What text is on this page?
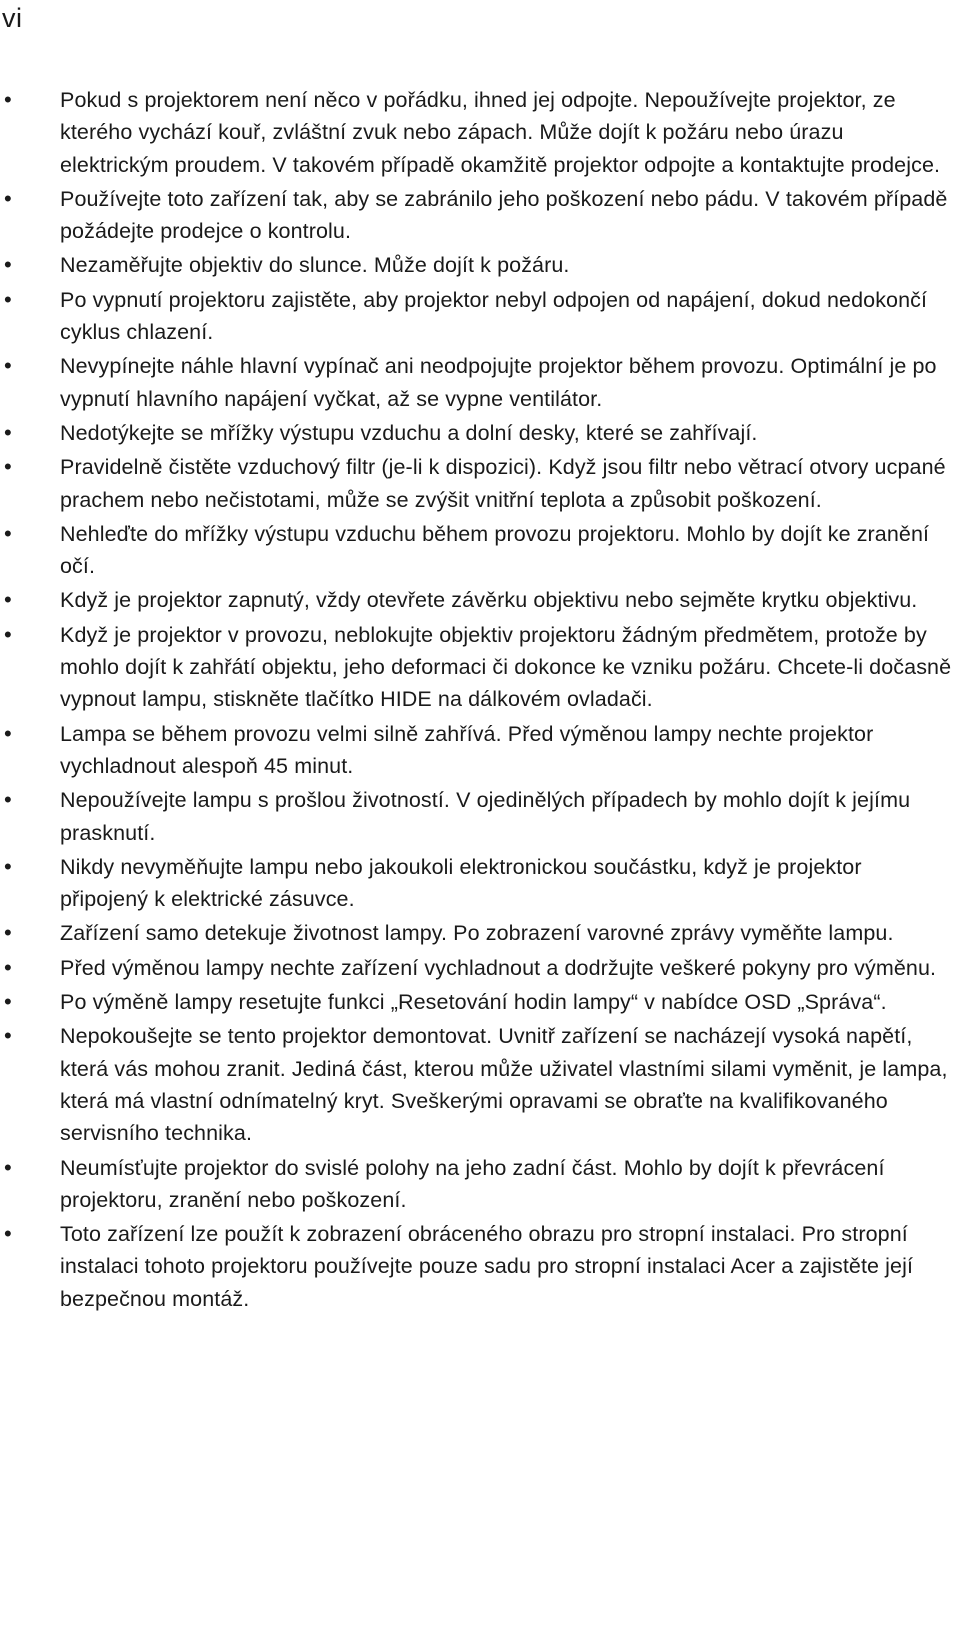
vi
• Pokud s projektorem není něco v pořádku, ihned jej odpojte. Nepoužívejte projektor, ze kterého vychází kouř, zvláštní zvuk nebo zápach. Může dojít k požáru nebo úrazu elektrickým proudem. V takovém případě okamžitě projektor odpojte a kontaktujte prodejce.
• Používejte toto zařízení tak, aby se zabránilo jeho poškození nebo pádu. V takovém případě požádejte prodejce o kontrolu.
• Nezaměřujte objektiv do slunce. Může dojít k požáru.
• Po vypnutí projektoru zajistěte, aby projektor nebyl odpojen od napájení, dokud nedokončí cyklus chlazení.
• Nevypínejte náhle hlavní vypínač ani neodpojujte projektor během provozu. Optimální je po vypnutí hlavního napájení vyčkat, až se vypne ventilátor.
• Nedotýkejte se mřížky výstupu vzduchu a dolní desky, které se zahřívají.
• Pravidelně čistěte vzduchový filtr (je-li k dispozici). Když jsou filtr nebo větrací otvory ucpané prachem nebo nečistotami, může se zvýšit vnitřní teplota a způsobit poškození.
• Nehleďte do mřížky výstupu vzduchu během provozu projektoru. Mohlo by dojít ke zranění očí.
• Když je projektor zapnutý, vždy otevřete závěrku objektivu nebo sejměte krytku objektivu.
• Když je projektor v provozu, neblokujte objektiv projektoru žádným předmětem, protože by mohlo dojít k zahřátí objektu, jeho deformaci či dokonce ke vzniku požáru. Chcete-li dočasně vypnout lampu, stiskněte tlačítko HIDE na dálkovém ovladači.
• Lampa se během provozu velmi silně zahřívá. Před výměnou lampy nechte projektor vychladnout alespoň 45 minut.
• Nepoužívejte lampu s prošlou životností. V ojedinělých případech by mohlo dojít k jejímu prasknutí.
• Nikdy nevyměňujte lampu nebo jakoukoli elektronickou součástku, když je projektor připojený k elektrické zásuvce.
• Zařízení samo detekuje životnost lampy. Po zobrazení varovné zprávy vyměňte lampu.
• Před výměnou lampy nechte zařízení vychladnout a dodržujte veškeré pokyny pro výměnu.
• Po výměně lampy resetujte funkci „Resetování hodin lampy“ v nabídce OSD „Správa“.
• Nepokoušejte se tento projektor demontovat. Uvnitř zařízení se nacházejí vysoká napětí, která vás mohou zranit. Jediná část, kterou může uživatel vlastními silami vyměnit, je lampa, která má vlastní odnímatelný kryt. Sveškerými opravami se obraťte na kvalifikovaného servisního technika.
• Neumísťujte projektor do svislé polohy na jeho zadní část. Mohlo by dojít k převrácení projektoru, zranění nebo poškození.
• Toto zařízení lze použít k zobrazení obráceného obrazu pro stropní instalaci. Pro stropní instalaci tohoto projektoru používejte pouze sadu pro stropní instalaci Acer a zajistěte její bezpečnou montáž.
